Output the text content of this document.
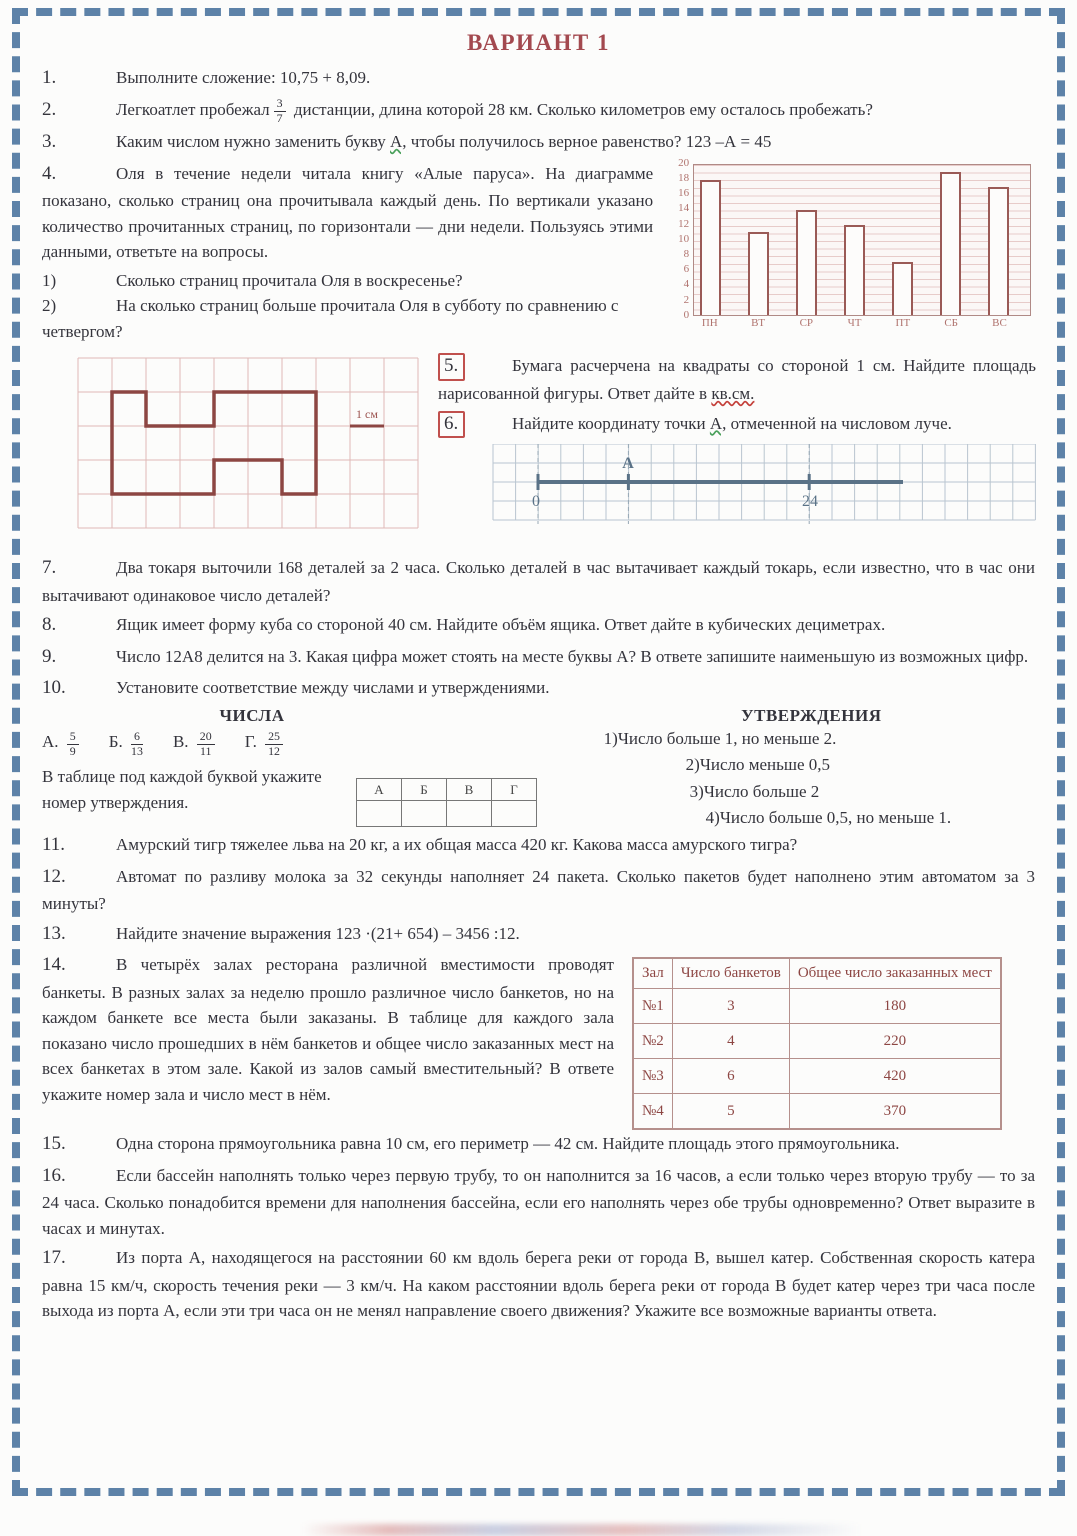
ВАРИАНТ 1
1.	Выполните сложение: 10,75 + 8,09.
2.	Легкоатлет пробежал $\frac{3}{7}$ дистанции, длина которой 28 км. Сколько километров ему осталось пробежать?
3.	Каким числом нужно заменить букву А, чтобы получилось верное равенство? 123 –А = 45
4.	Оля в течение недели читала книгу «Алые паруса». На диаграмме показано, сколько страниц она прочитывала каждый день. По вертикали указано количество прочитанных страниц, по горизонтали — дни недели. Пользуясь этими данными, ответьте на вопросы.
1)	Сколько страниц прочитала Оля в воскресенье?
2)	На сколько страниц больше прочитала Оля в субботу по сравнению с четвергом?
20
18
16
14
12
10
8
6
4
2
0
ПН	ВТ	СР	ЧТ	ПТ	СБ	ВС
1 см
5.	Бумага расчерчена на квадраты со стороной 1 см. Найдите площадь нарисованной фигуры. Ответ дайте в кв.см.
6.	Найдите координату точки А, отмеченной на числовом луче.
А
0	24
7.	Два токаря выточили 168 деталей за 2 часа. Сколько деталей в час вытачивает каждый токарь, если известно, что в час они вытачивают одинаковое число деталей?
8.	Ящик имеет форму куба со стороной 40 см. Найдите объём ящика. Ответ дайте в кубических дециметрах.
9.	Число 12А8 делится на 3. Какая цифра может стоять на месте буквы А? В ответе запишите наименьшую из возможных цифр.
10.	Установите соответствие между числами и утверждениями.
ЧИСЛА
А. $\frac{5}{9} Б$. $\frac{6}{13} В$. $\frac{20}{11} Г$. $\frac{25}{12}$
В таблице под каждой буквой укажите номер утверждения.
А	Б	В	Г

УТВЕРЖДЕНИЯ
1)Число больше 1, но меньше 2.
2)Число меньше 0,5
3)Число больше 2
4)Число больше 0,5, но меньше 1.
11.	Амурский тигр тяжелее льва на 20 кг, а их общая масса 420 кг. Какова масса амурского тигра?
12.	Автомат по разливу молока за 32 секунды наполняет 24 пакета. Сколько пакетов будет наполнено этим автоматом за 3 минуты?
13.	Найдите значение выражения 123 ·(21+ 654) – 3456 :12.
14.	В четырёх залах ресторана различной вместимости проводят банкеты. В разных залах за неделю прошло различное число банкетов, но на каждом банкете все места были заказаны. В таблице для каждого зала показано число прошедших в нём банкетов и общее число заказанных мест на всех банкетах в этом зале. Какой из залов самый вместительный? В ответе укажите номер зала и число мест в нём.
Зал	Число банкетов	Общее число заказанных мест
№1	3	180
№2	4	220
№3	6	420
№4	5	370
15.	Одна сторона прямоугольника равна 10 см, его периметр — 42 см. Найдите площадь этого прямоугольника.
16.	Если бассейн наполнять только через первую трубу, то он наполнится за 16 часов, а если только через вторую трубу — то за 24 часа. Сколько понадобится времени для наполнения бассейна, если его наполнять через обе трубы одновременно? Ответ выразите в часах и минутах.
17.	Из порта А, находящегося на расстоянии 60 км вдоль берега реки от города В, вышел катер. Собственная скорость катера равна 15 км/ч, скорость течения реки — 3 км/ч. На каком расстоянии вдоль берега реки от города В будет катер через три часа после выхода из порта А, если эти три часа он не менял направление своего движения? Укажите все возможные варианты ответа.
